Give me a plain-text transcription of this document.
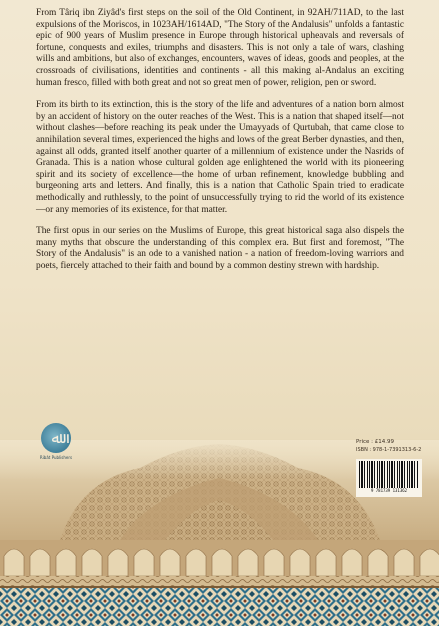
From Târiq ibn Ziyâd's first steps on the soil of the Old Continent, in 92AH/711AD, to the last expulsions of the Moriscos, in 1023AH/1614AD, "The Story of the Andalusis" unfolds a fantastic epic of 900 years of Muslim presence in Europe through historical upheavals and reversals of fortune, conquests and exiles, triumphs and disasters. This is not only a tale of wars, clashing wills and ambitions, but also of exchanges, encounters, waves of ideas, goods and peoples, at the crossroads of civilisations, identities and continents - all this making al-Andalus an exciting human fresco, filled with both great and not so great men of power, religion, pen or sword.

From its birth to its extinction, this is the story of the life and adventures of a nation born almost by an accident of history on the outer reaches of the West. This is a nation that shaped itself—not without clashes—before reaching its peak under the Umayyads of Qurtubah, that came close to annihilation several times, experienced the highs and lows of the great Berber dynasties, and then, against all odds, granted itself another quarter of a millennium of existence under the Nasrids of Granada. This is a nation whose cultural golden age enlightened the world with its pioneering spirit and its society of excellence—the home of urban refinement, knowledge bubbling and burgeoning arts and letters. And finally, this is a nation that Catholic Spain tried to eradicate methodically and ruthlessly, to the point of unsuccessfully trying to rid the world of its existence—or any memories of its existence, for that matter.

The first opus in our series on the Muslims of Europe, this great historical saga also dispels the many myths that obscure the understanding of this complex era. But first and foremost, "The Story of the Andalusis" is an ode to a vanished nation - a nation of freedom-loving warriors and poets, fiercely attached to their faith and bound by a common destiny strewn with hardship.

ﷲ
Ribât Publishers
Price : £14.99
ISBN : 978-1-7391313-6-2
9 781739 131362
